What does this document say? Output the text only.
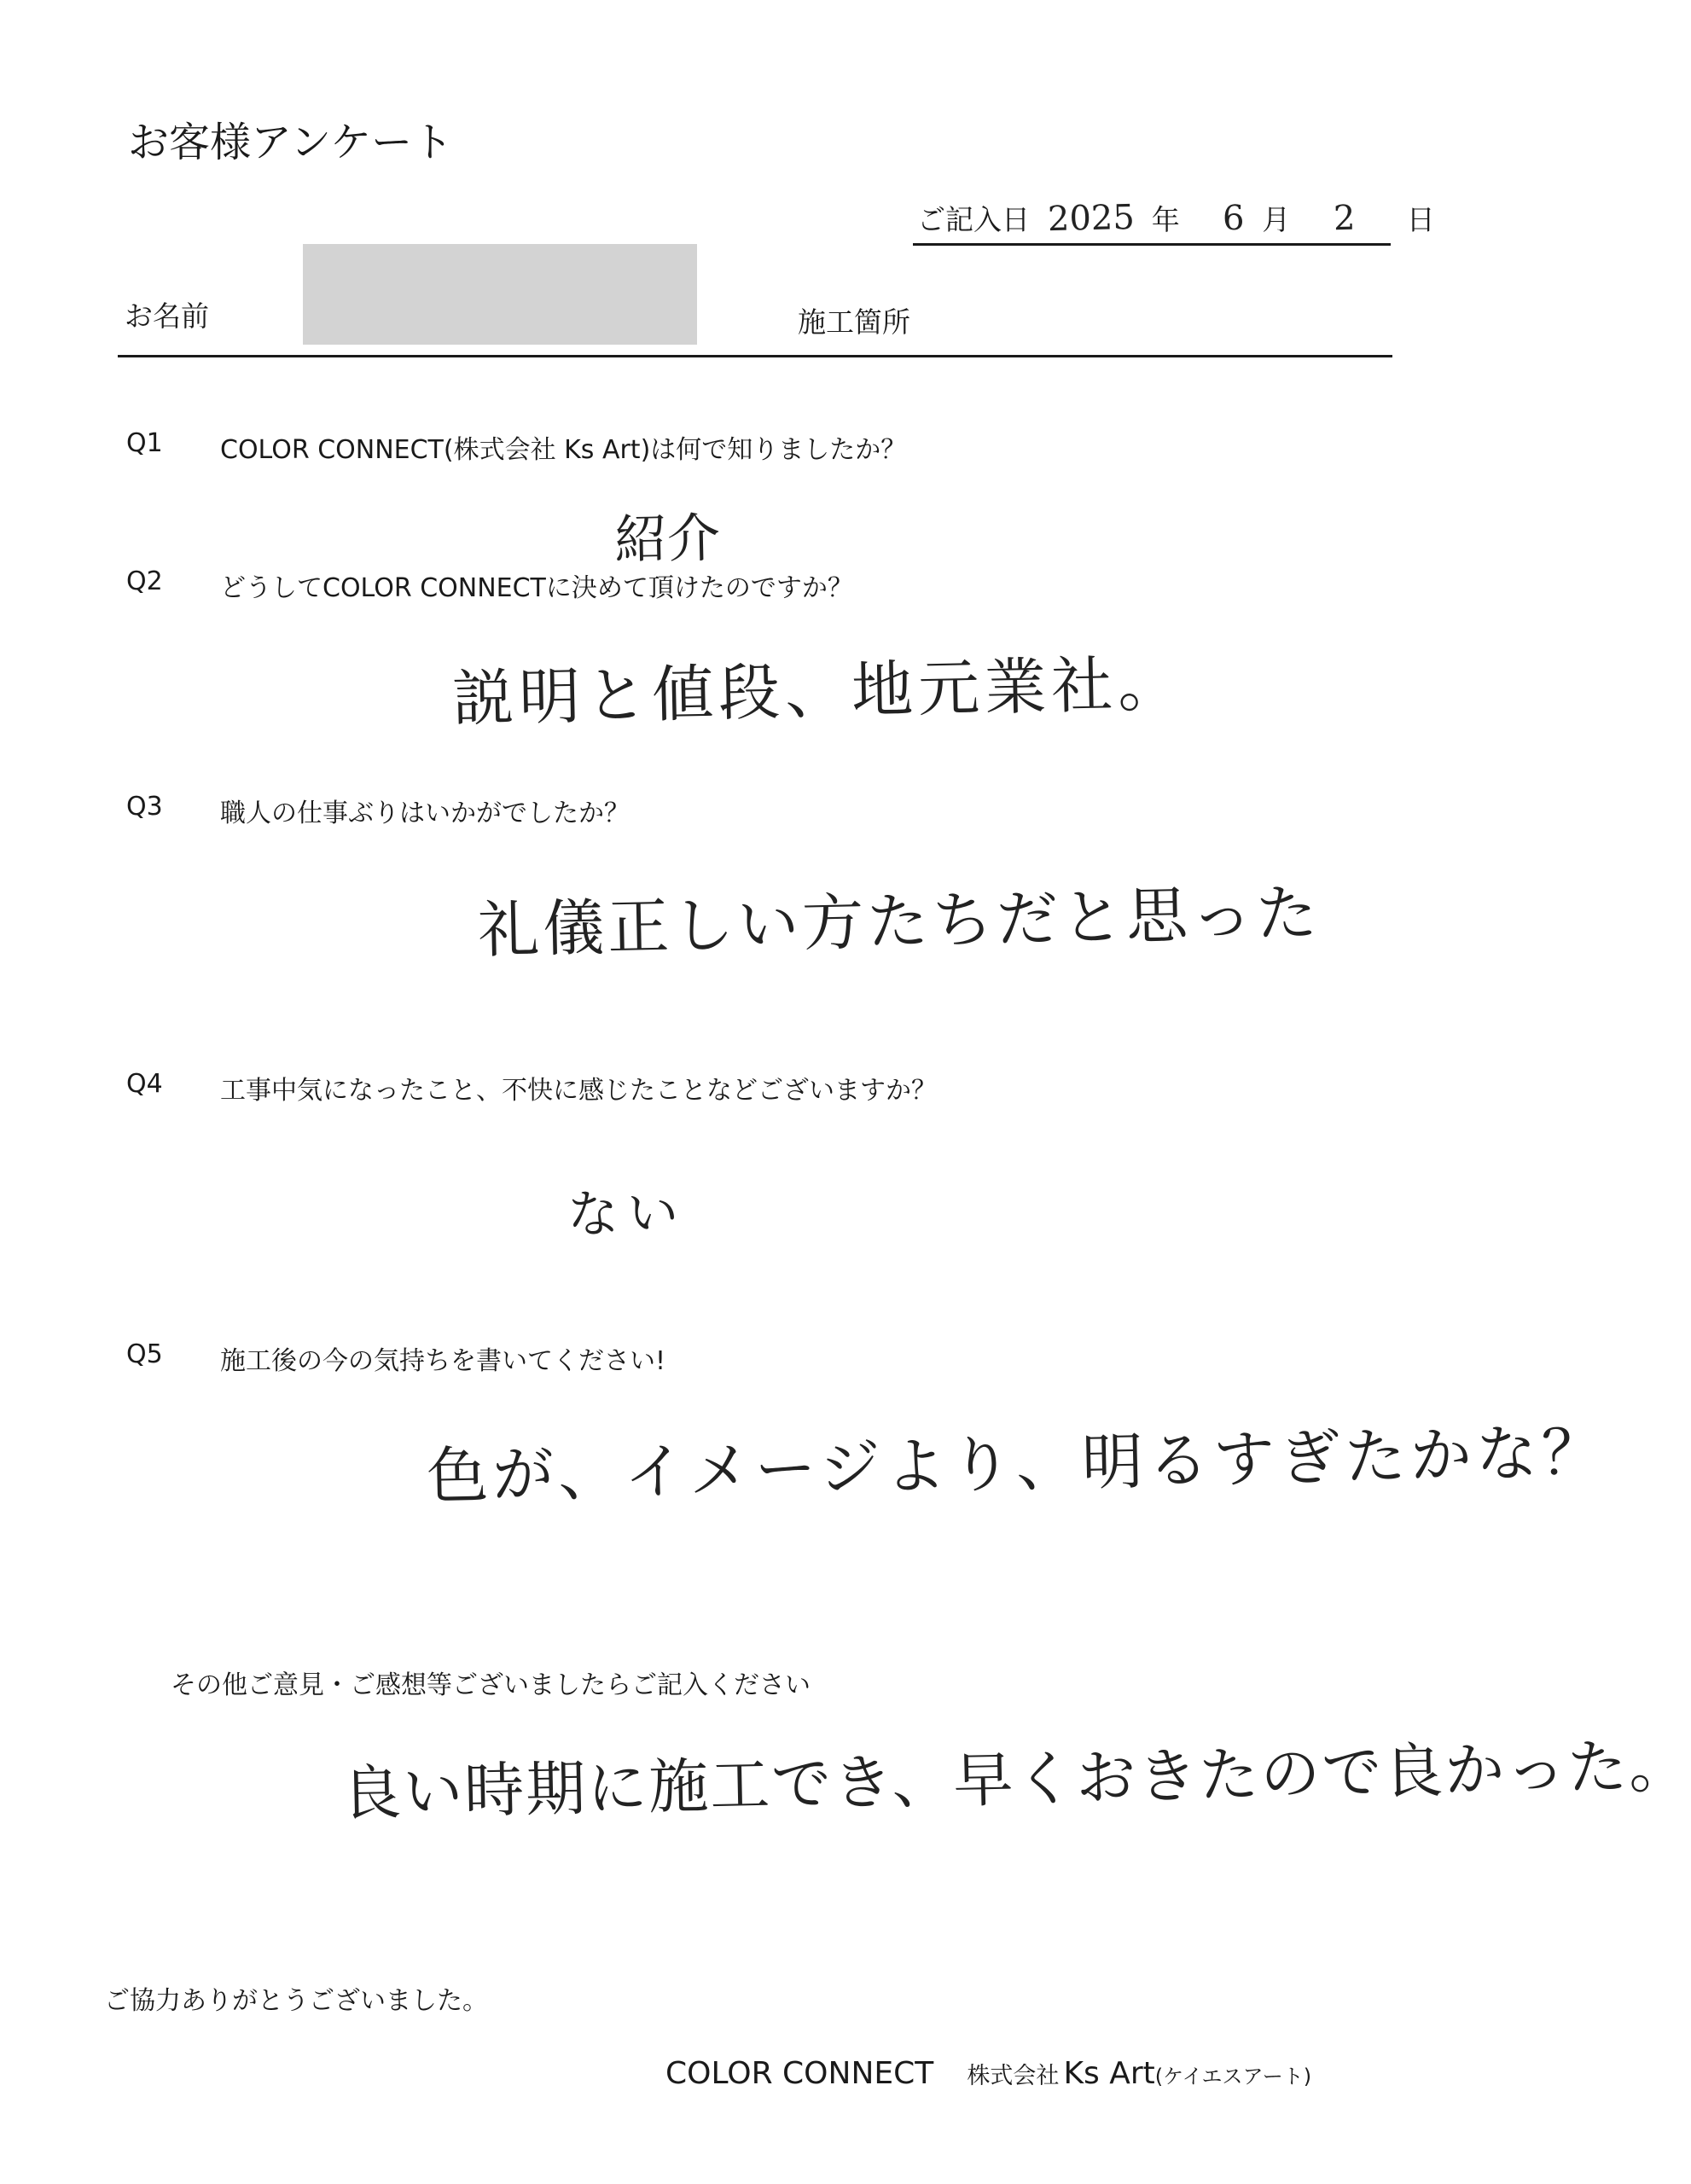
お客様アンケート
ご記入日 2025 年 6 月 2 日
お名前	施工箇所
Q1 COLOR CONNECT(株式会社 Ks Art)は何で知りましたか？
紹介
Q2 どうしてCOLOR CONNECTに決めて頂けたのですか？
説明と値段、地元業社。
Q3 職人の仕事ぶりはいかがでしたか？
礼儀正しい方たちだと思った
Q4 工事中気になったこと、不快に感じたことなどございますか？
ない
Q5 施工後の今の気持ちを書いてください!
色が、イメージより、明るすぎたかな？
その他ご意見・ご感想等ございましたらご記入ください
良い時期に施工でき、早くおきたので良かった。
ご協力ありがとうございました。
COLOR CONNECT 株式会社 Ks Art(ケイエスアート)
